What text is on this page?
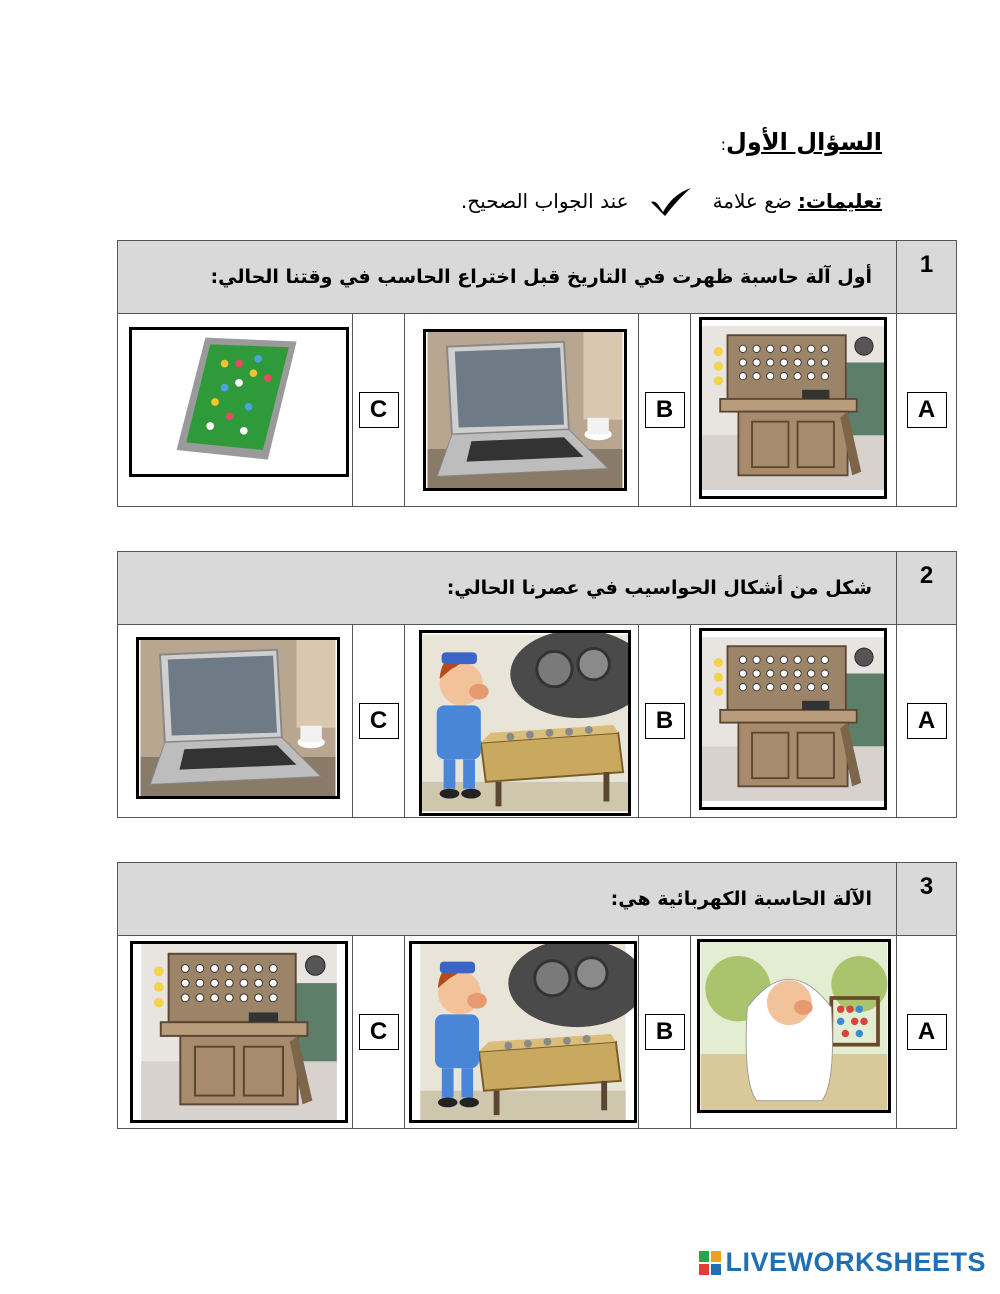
السؤال الأول:
تعليمات:
ضع علامة
عند الجواب الصحيح.
أول آلة حاسبة ظهرت في التاريخ قبل اختراع الحاسب في وقتنا الحالي:					1

C		B		A
شكل من أشكال الحواسيب في عصرنا الحالي:					2

C		B		A
الآلة الحاسبة الكهربائية هي:					3

C		B		A
LIVEWORKSHEETS
